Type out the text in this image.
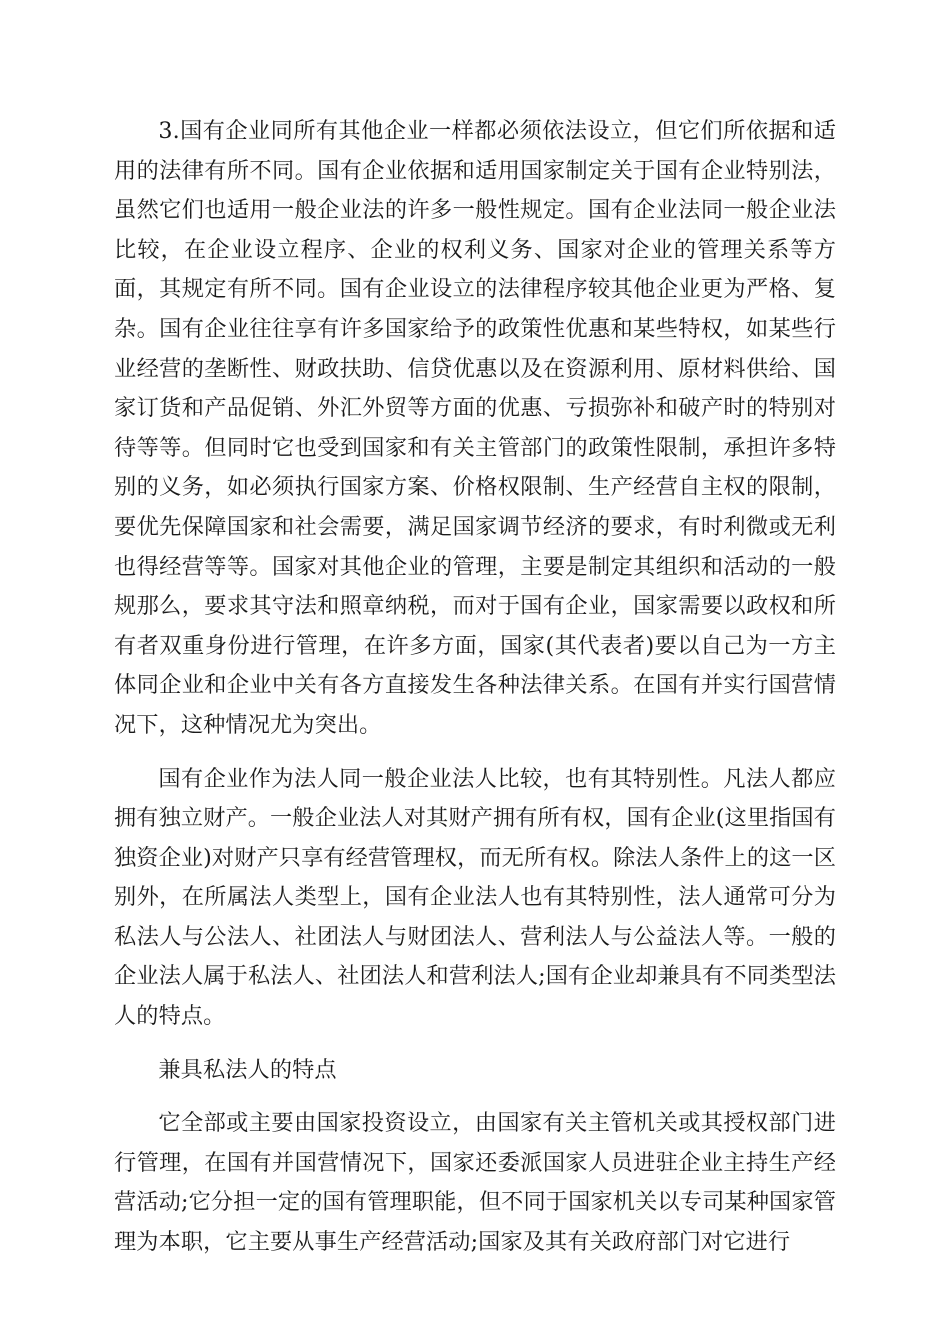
3.国有企业同所有其他企业一样都必须依法设立，但它们所依据和适用的法律有所不同。国有企业依据和适用国家制定关于国有企业特别法，虽然它们也适用一般企业法的许多一般性规定。国有企业法同一般企业法比较，在企业设立程序、企业的权利义务、国家对企业的管理关系等方面，其规定有所不同。国有企业设立的法律程序较其他企业更为严格、复杂。国有企业往往享有许多国家给予的政策性优惠和某些特权，如某些行业经营的垄断性、财政扶助、信贷优惠以及在资源利用、原材料供给、国家订货和产品促销、外汇外贸等方面的优惠、亏损弥补和破产时的特别对待等等。但同时它也受到国家和有关主管部门的政策性限制，承担许多特别的义务，如必须执行国家方案、价格权限制、生产经营自主权的限制，要优先保障国家和社会需要，满足国家调节经济的要求，有时利微或无利也得经营等等。国家对其他企业的管理，主要是制定其组织和活动的一般规那么，要求其守法和照章纳税，而对于国有企业，国家需要以政权和所有者双重身份进行管理，在许多方面，国家(其代表者)要以自己为一方主体同企业和企业中关有各方直接发生各种法律关系。在国有并实行国营情况下，这种情况尤为突出。

国有企业作为法人同一般企业法人比较，也有其特别性。凡法人都应拥有独立财产。一般企业法人对其财产拥有所有权，国有企业(这里指国有独资企业)对财产只享有经营管理权，而无所有权。除法人条件上的这一区别外，在所属法人类型上，国有企业法人也有其特别性，法人通常可分为私法人与公法人、社团法人与财团法人、营利法人与公益法人等。一般的企业法人属于私法人、社团法人和营利法人;国有企业却兼具有不同类型法人的特点。

兼具私法人的特点

它全部或主要由国家投资设立，由国家有关主管机关或其授权部门进行管理，在国有并国营情况下，国家还委派国家人员进驻企业主持生产经营活动;它分担一定的国有管理职能，但不同于国家机关以专司某种国家管理为本职，它主要从事生产经营活动;国家及其有关政府部门对它进行
